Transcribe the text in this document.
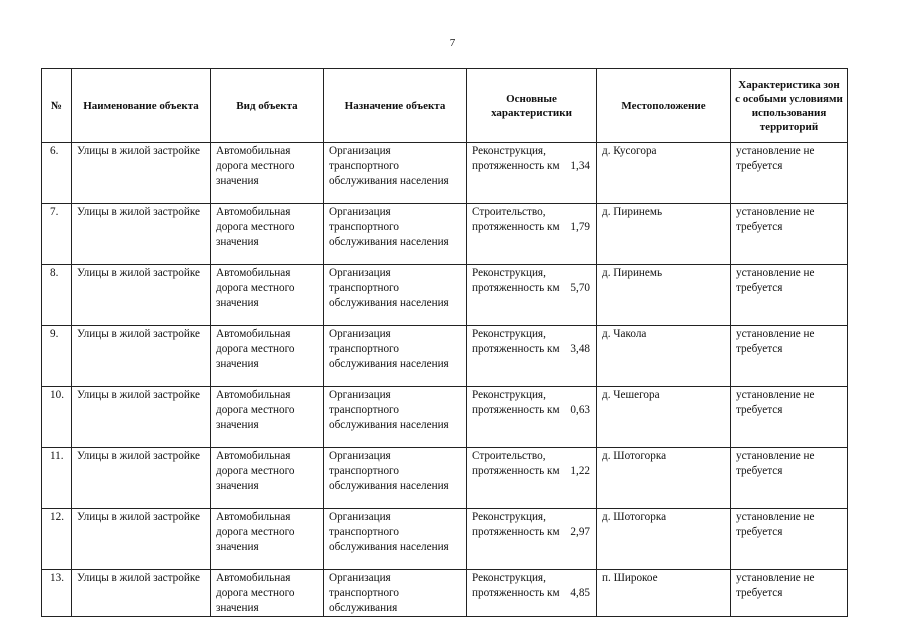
7
№	Наименование объекта	Вид объекта	Назначение объекта	Основные характеристики	Местоположение	Характеристика зон с особыми условиями использования территорий
6.	Улицы в жилой застройке	Автомобильная дорога местного значения	Организация транспортного обслуживания населения	Реконструкция, протяженность км 1,34	д. Кусогора	установление не требуется
7.	Улицы в жилой застройке	Автомобильная дорога местного значения	Организация транспортного обслуживания населения	Строительство, протяженность км 1,79	д. Пиринемь	установление не требуется
8.	Улицы в жилой застройке	Автомобильная дорога местного значения	Организация транспортного обслуживания населения	Реконструкция, протяженность км 5,70	д. Пиринемь	установление не требуется
9.	Улицы в жилой застройке	Автомобильная дорога местного значения	Организация транспортного обслуживания населения	Реконструкция, протяженность км 3,48	д. Чакола	установление не требуется
10.	Улицы в жилой застройке	Автомобильная дорога местного значения	Организация транспортного обслуживания населения	Реконструкция, протяженность км 0,63	д. Чешегора	установление не требуется
11.	Улицы в жилой застройке	Автомобильная дорога местного значения	Организация транспортного обслуживания населения	Строительство, протяженность км 1,22	д. Шотогорка	установление не требуется
12.	Улицы в жилой застройке	Автомобильная дорога местного значения	Организация транспортного обслуживания населения	Реконструкция, протяженность км 2,97	д. Шотогорка	установление не требуется
13.	Улицы в жилой застройке	Автомобильная дорога местного значения	Организация транспортного обслуживания	Реконструкция, протяженность км 4,85	п. Широкое	установление не требуется
